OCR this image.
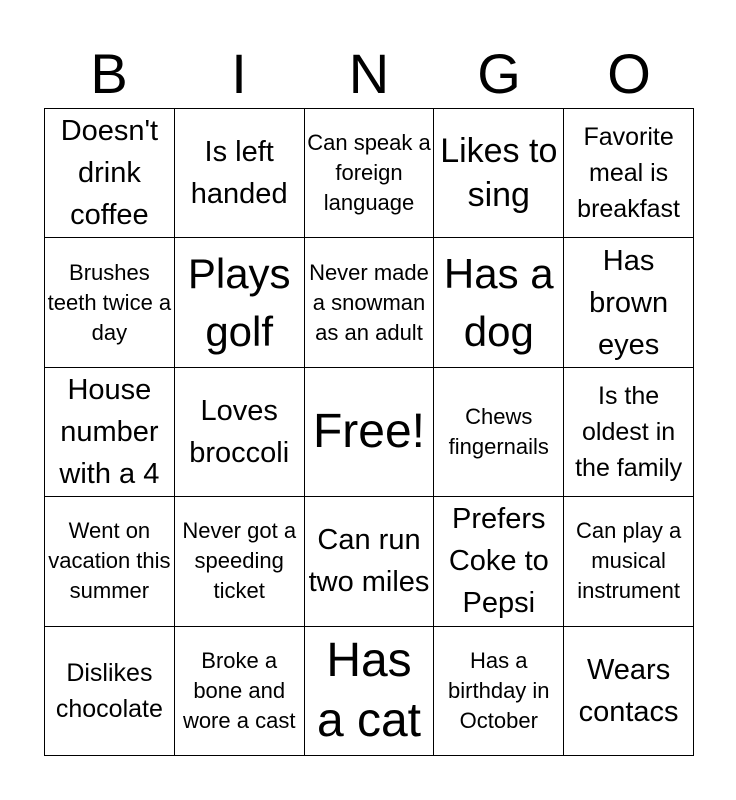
B	I	N	G	O
Doesn't drink coffee
Is left handed
Can speak a foreign language
Likes to sing
Favorite meal is breakfast
Brushes teeth twice a day
Plays golf
Never made a snowman as an adult
Has a dog
Has brown eyes
House number with a 4
Loves broccoli Free!	Chews fingernails
Is the oldest in the family
Went on vacation this summer
Never got a speeding ticket
Can run two miles
Prefers Coke to Pepsi
Can play a musical instrument
Dislikes chocolate
Broke a bone and wore a cast
Has a cat
Has a birthday in October
Wears contacs
